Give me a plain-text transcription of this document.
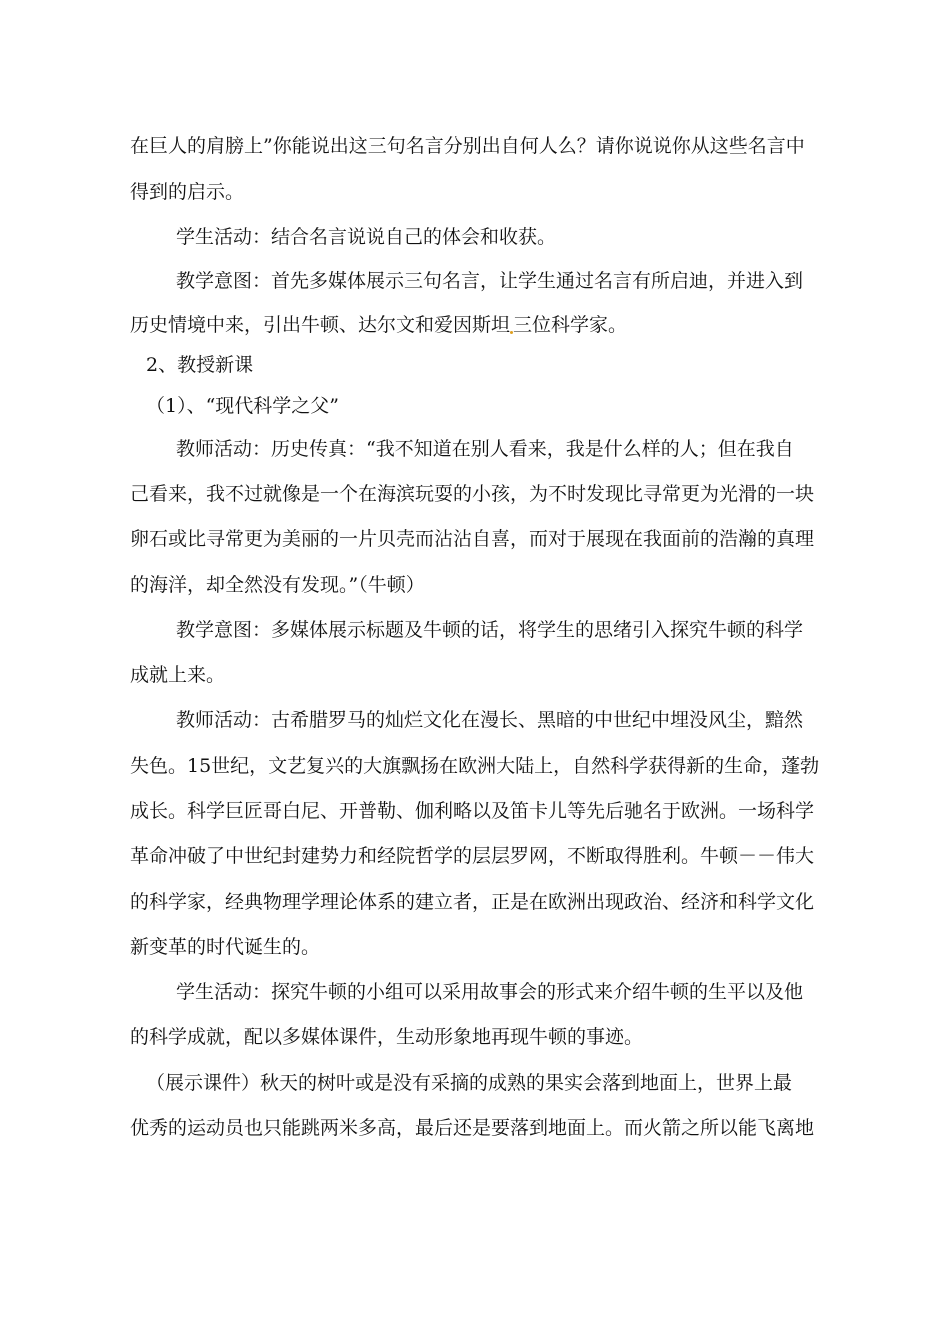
在巨人的肩膀上”你能说出这三句名言分别出自何人么？请你说说你从这些名言中
得到的启示。
学生活动：结合名言说说自己的体会和收获。
教学意图：首先多媒体展示三句名言，让学生通过名言有所启迪，并进入到
历史情境中来，引出牛顿、达尔文和爱因斯坦 三位科学家。
2、教授新课
（1）、“现代科学之父”
教师活动：历史传真：“我不知道在别人看来，我是什么样的人；但在我自
己看来，我不过就像是一个在海滨玩耍的小孩，为不时发现比寻常更为光滑的一块
卵石或比寻常更为美丽的一片贝壳而沾沾自喜，而对于展现在我面前的浩瀚的真理
的海洋，却全然没有发现。”（牛顿）
教学意图：多媒体展示标题及牛顿的话，将学生的思绪引入探究牛顿的科学
成就上来。
教师活动：古希腊罗马的灿烂文化在漫长、黑暗的中世纪中埋没风尘，黯然
失色。15世纪，文艺复兴的大旗飘扬在欧洲大陆上，自然科学获得新的生命，蓬勃
成长。科学巨匠哥白尼、开普勒、伽利略以及笛卡儿等先后驰名于欧洲。一场科学
革命冲破了中世纪封建势力和经院哲学的层层罗网，不断取得胜利。牛顿－－伟大
的科学家，经典物理学理论体系的建立者，正是在欧洲出现政治、经济和科学文化
新变革的时代诞生的。
学生活动：探究牛顿的小组可以采用故事会的形式来介绍牛顿的生平以及他
的科学成就，配以多媒体课件，生动形象地再现牛顿的事迹。
（展示课件）秋天的树叶或是没有采摘的成熟的果实会落到地面上，世界上最
优秀的运动员也只能跳两米多高，最后还是要落到地面上。而火箭之所以能飞离地
